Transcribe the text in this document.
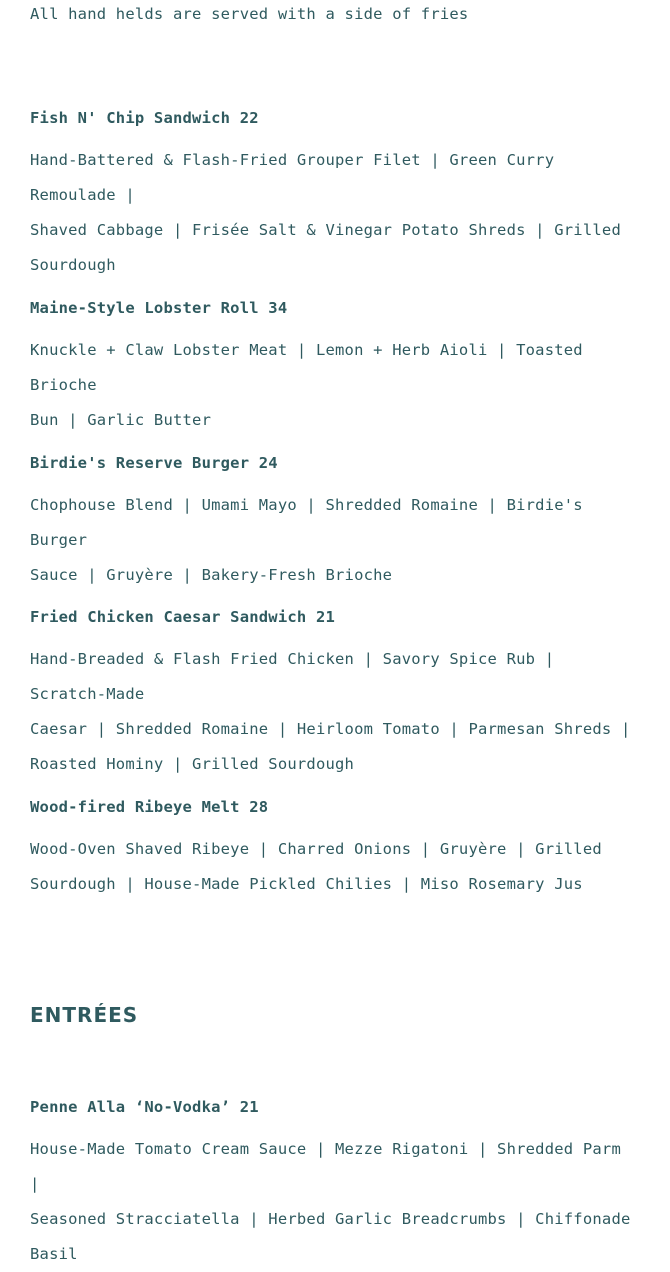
All hand helds are served with a side of fries
Fish N' Chip Sandwich 22
Hand-Battered & Flash-Fried Grouper Filet | Green Curry Remoulade |
Shaved Cabbage | Frisée Salt & Vinegar Potato Shreds | Grilled
Sourdough
Maine-Style Lobster Roll 34
Knuckle + Claw Lobster Meat | Lemon + Herb Aioli | Toasted Brioche
Bun | Garlic Butter
Birdie's Reserve Burger 24
Chophouse Blend | Umami Mayo | Shredded Romaine | Birdie's Burger
Sauce | Gruyère | Bakery-Fresh Brioche
Fried Chicken Caesar Sandwich 21
Hand-Breaded & Flash Fried Chicken | Savory Spice Rub | Scratch-Made
Caesar | Shredded Romaine | Heirloom Tomato | Parmesan Shreds |
Roasted Hominy | Grilled Sourdough
Wood-fired Ribeye Melt 28
Wood-Oven Shaved Ribeye | Charred Onions | Gruyère | Grilled
Sourdough | House-Made Pickled Chilies | Miso Rosemary Jus
ENTRÉES
Penne Alla ‘No-Vodka’ 21
House-Made Tomato Cream Sauce | Mezze Rigatoni | Shredded Parm |
Seasoned Stracciatella | Herbed Garlic Breadcrumbs | Chiffonade Basil
